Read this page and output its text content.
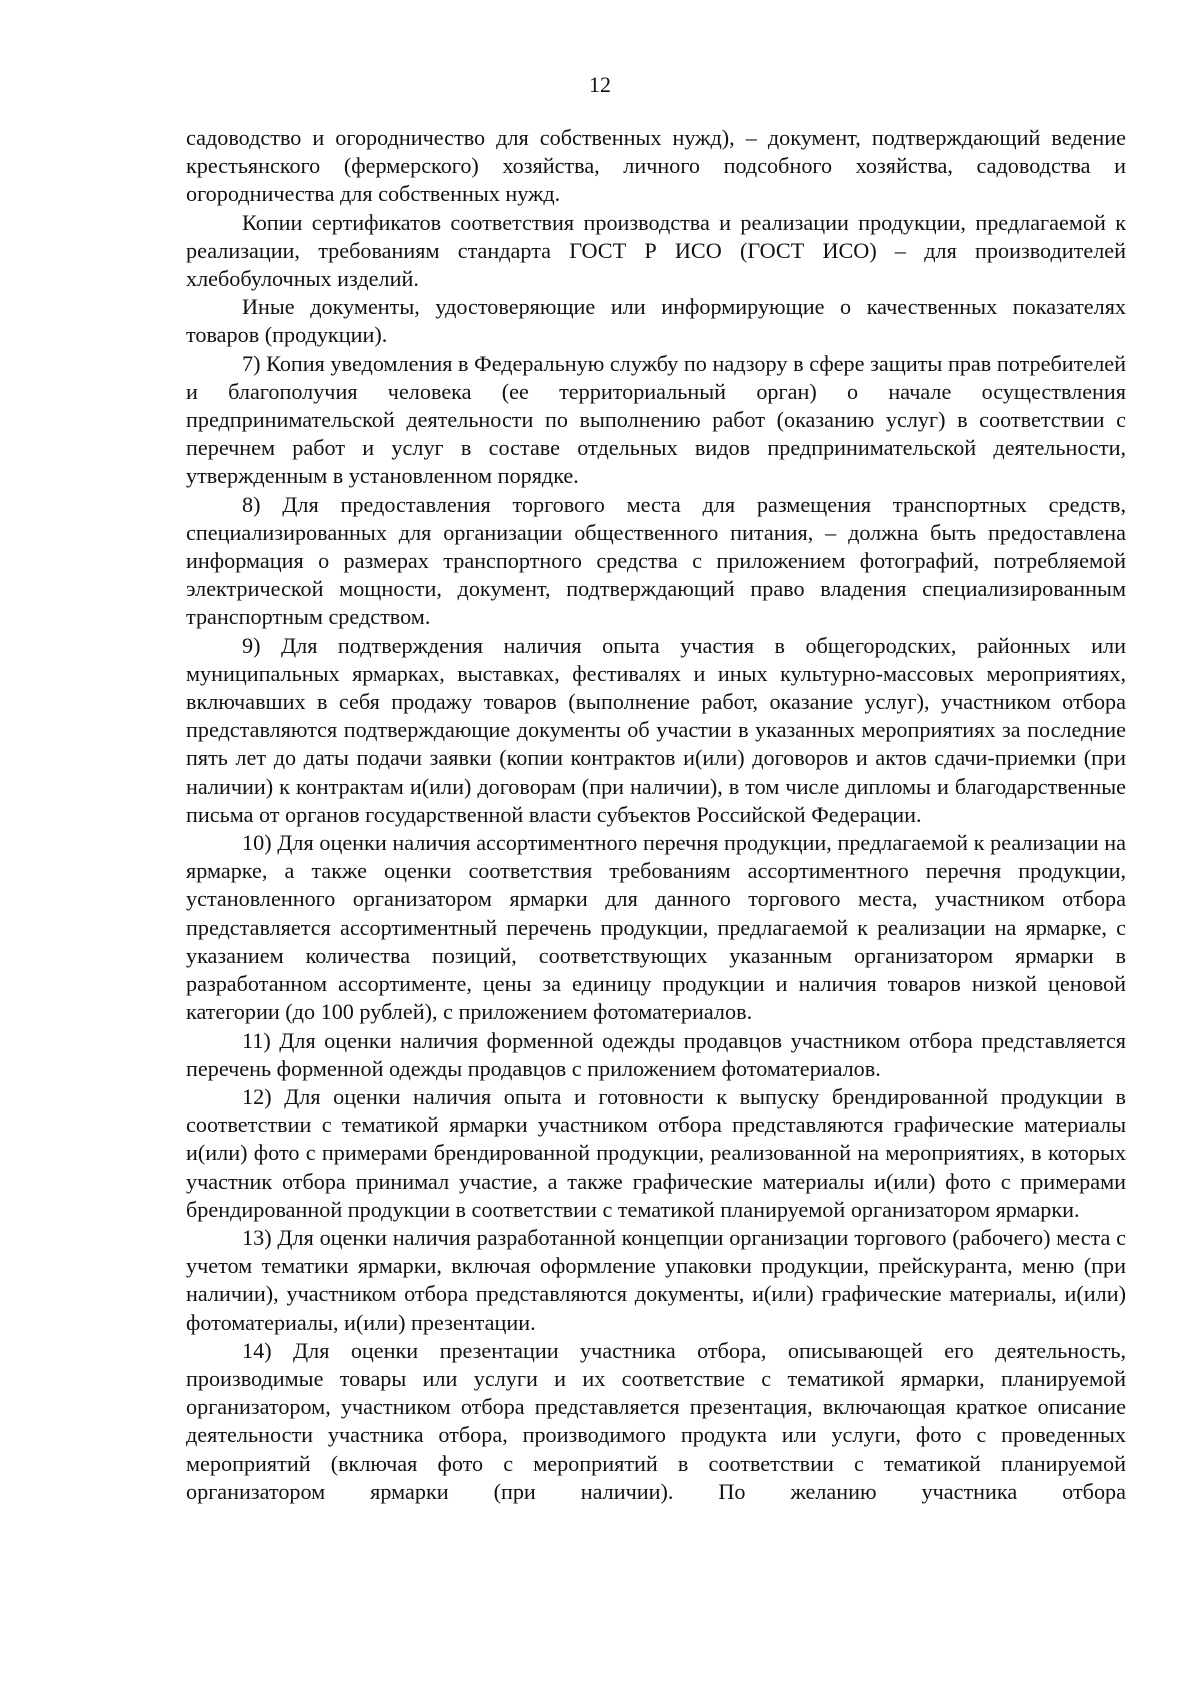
12

садоводство и огородничество для собственных нужд), – документ, подтверждающий ведение крестьянского (фермерского) хозяйства, личного подсобного хозяйства, садоводства и огородничества для собственных нужд.

Копии сертификатов соответствия производства и реализации продукции, предлагаемой к реализации, требованиям стандарта ГОСТ Р ИСО (ГОСТ ИСО) – для производителей хлебобулочных изделий.

Иные документы, удостоверяющие или информирующие о качественных показателях товаров (продукции).

7) Копия уведомления в Федеральную службу по надзору в сфере защиты прав потребителей и благополучия человека (ее территориальный орган) о начале осуществления предпринимательской деятельности по выполнению работ (оказанию услуг) в соответствии с перечнем работ и услуг в составе отдельных видов предпринимательской деятельности, утвержденным в установленном порядке.

8) Для предоставления торгового места для размещения транспортных средств, специализированных для организации общественного питания, – должна быть предоставлена информация о размерах транспортного средства с приложением фотографий, потребляемой электрической мощности, документ, подтверждающий право владения специализированным транспортным средством.

9) Для подтверждения наличия опыта участия в общегородских, районных или муниципальных ярмарках, выставках, фестивалях и иных культурно-массовых мероприятиях, включавших в себя продажу товаров (выполнение работ, оказание услуг), участником отбора представляются подтверждающие документы об участии в указанных мероприятиях за последние пять лет до даты подачи заявки (копии контрактов и(или) договоров и актов сдачи-приемки (при наличии) к контрактам и(или) договорам (при наличии), в том числе дипломы и благодарственные письма от органов государственной власти субъектов Российской Федерации.

10) Для оценки наличия ассортиментного перечня продукции, предлагаемой к реализации на ярмарке, а также оценки соответствия требованиям ассортиментного перечня продукции, установленного организатором ярмарки для данного торгового места, участником отбора представляется ассортиментный перечень продукции, предлагаемой к реализации на ярмарке, с указанием количества позиций, соответствующих указанным организатором ярмарки в разработанном ассортименте, цены за единицу продукции и наличия товаров низкой ценовой категории (до 100 рублей), с приложением фотоматериалов.

11) Для оценки наличия форменной одежды продавцов участником отбора представляется перечень форменной одежды продавцов с приложением фотоматериалов.

12) Для оценки наличия опыта и готовности к выпуску брендированной продукции в соответствии с тематикой ярмарки участником отбора представляются графические материалы и(или) фото с примерами брендированной продукции, реализованной на мероприятиях, в которых участник отбора принимал участие, а также графические материалы и(или) фото с примерами брендированной продукции в соответствии с тематикой планируемой организатором ярмарки.

13) Для оценки наличия разработанной концепции организации торгового (рабочего) места с учетом тематики ярмарки, включая оформление упаковки продукции, прейскуранта, меню (при наличии), участником отбора представляются документы, и(или) графические материалы, и(или) фотоматериалы, и(или) презентации.

14) Для оценки презентации участника отбора, описывающей его деятельность, производимые товары или услуги и их соответствие с тематикой ярмарки, планируемой организатором, участником отбора представляется презентация, включающая краткое описание деятельности участника отбора, производимого продукта или услуги, фото с проведенных мероприятий (включая фото с мероприятий в соответствии с тематикой планируемой организатором ярмарки (при наличии). По желанию участника отбора
